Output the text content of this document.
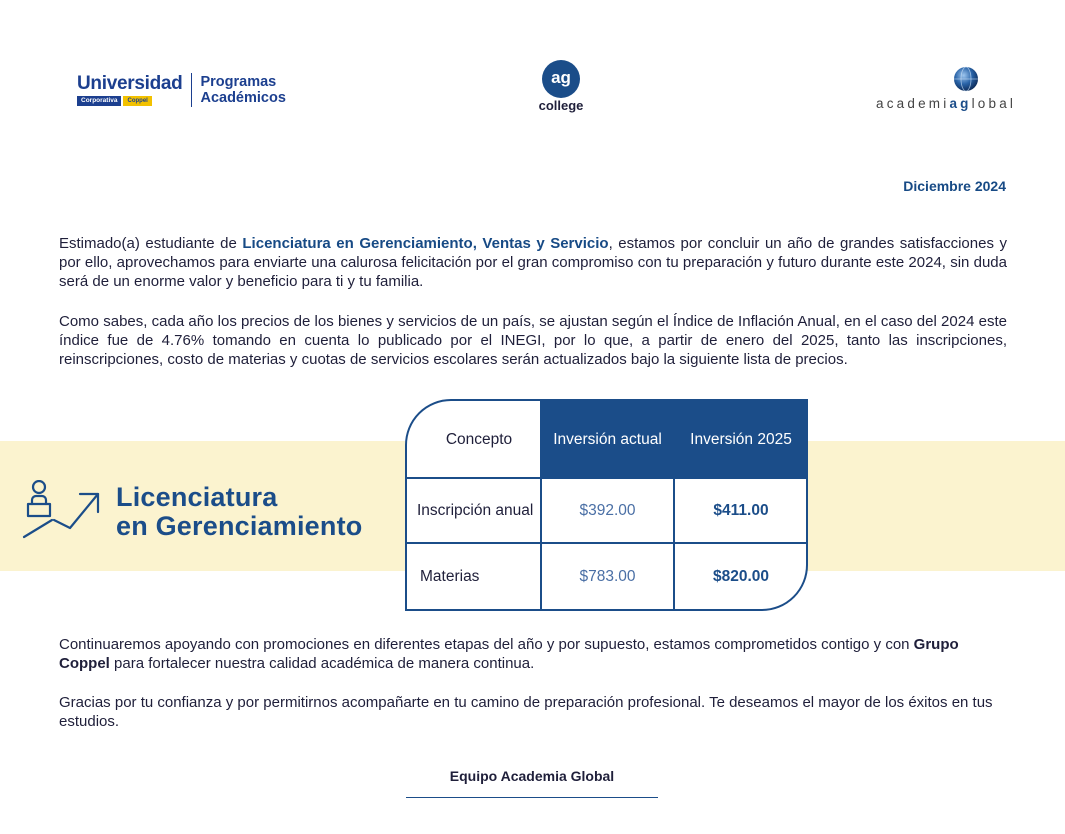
Universidad
Corporativa	Coppel
Programas
Académicos
ag
college	academiaglobal
Diciembre 2024

Estimado(a) estudiante de Licenciatura en Gerenciamiento, Ventas y Servicio, estamos por concluir un año de grandes satisfacciones y por ello, aprovechamos para enviarte una calurosa felicitación por el gran compromiso con tu preparación y futuro durante este 2024, sin duda será de un enorme valor y beneficio para ti y tu familia.

Como sabes, cada año los precios de los bienes y servicios de un país, se ajustan según el Índice de Inflación Anual, en el caso del 2024 este índice fue de 4.76% tomando en cuenta lo publicado por el INEGI, por lo que, a partir de enero del 2025, tanto las inscripciones, reinscripciones, costo de materias y cuotas de servicios escolares serán actualizados bajo la siguiente lista de precios.

Licenciatura
en Gerenciamiento
Concepto	Inversión actual	Inversión 2025
Inscripción anual	$392.00	$411.00
Materias	$783.00	$820.00

Continuaremos apoyando con promociones en diferentes etapas del año y por supuesto, estamos comprometidos contigo y con Grupo Coppel para fortalecer nuestra calidad académica de manera continua.

Gracias por tu confianza y por permitirnos acompañarte en tu camino de preparación profesional. Te deseamos el mayor de los éxitos en tus estudios.

Equipo Academia Global
